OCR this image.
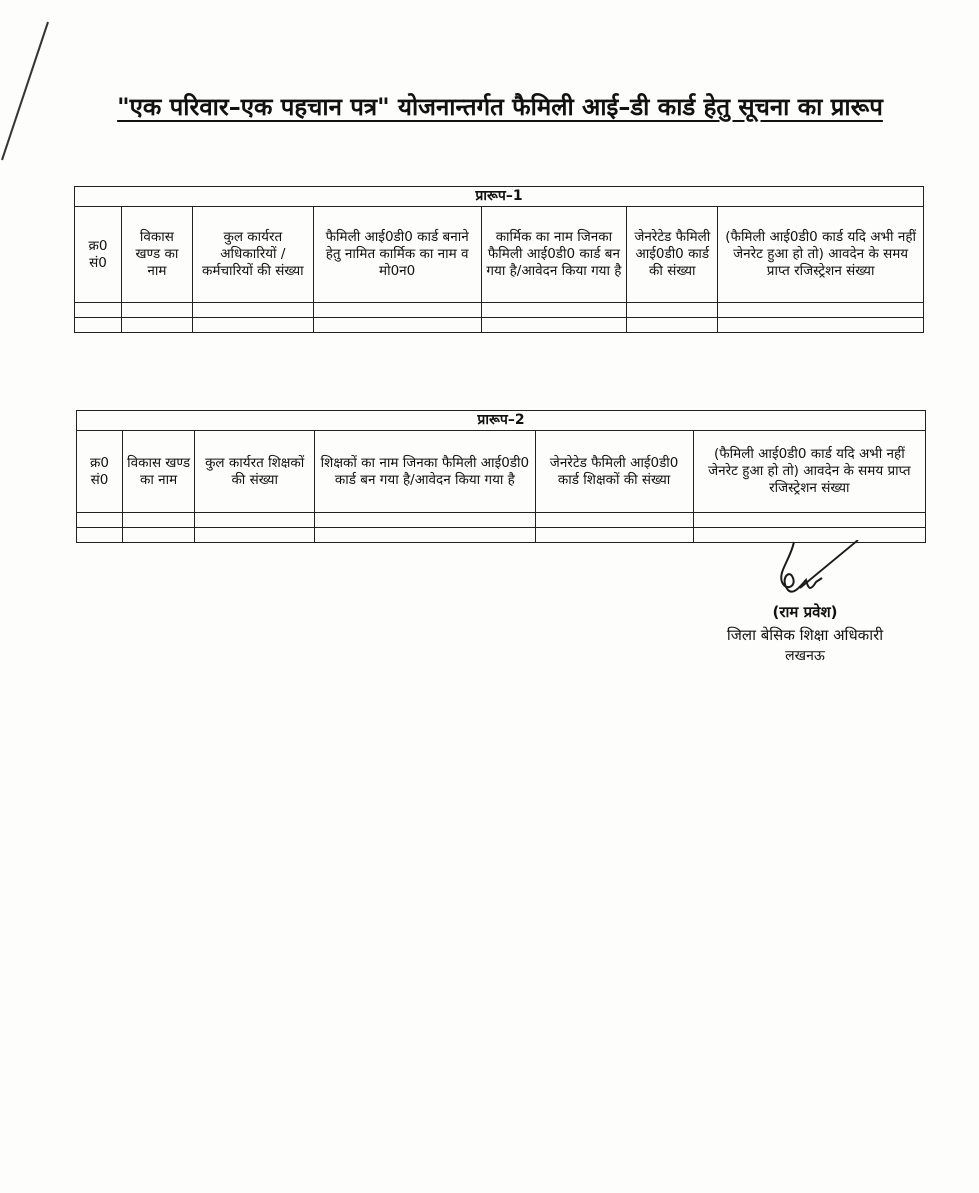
"एक परिवार–एक पहचान पत्र" योजनान्तर्गत फैमिली आई–डी कार्ड हेतु सूचना का प्रारूप
प्रारूप–1						
क्र0 सं0	विकास खण्ड का नाम	कुल कार्यरत अधिकारियों / कर्मचारियों की संख्या	फैमिली आई0डी0 कार्ड बनाने हेतु नामित कार्मिक का नाम व मो0न0	कार्मिक का नाम जिनका फैमिली आई0डी0 कार्ड बन गया है/आवेदन किया गया है	जेनरेटेड फैमिली आई0डी0 कार्ड की संख्या	(फैमिली आई0डी0 कार्ड यदि अभी नहीं जेनरेट हुआ हो तो) आवदेन के समय प्राप्त रजिस्ट्रेशन संख्या

प्रारूप–2					
क्र0 सं0	विकास खण्ड का नाम	कुल कार्यरत शिक्षकों की संख्या	शिक्षकों का नाम जिनका फैमिली आई0डी0 कार्ड बन गया है/आवेदन किया गया है	जेनरेटेड फैमिली आई0डी0 कार्ड शिक्षकों की संख्या	(फैमिली आई0डी0 कार्ड यदि अभी नहीं जेनरेट हुआ हो तो) आवदेन के समय प्राप्त रजिस्ट्रेशन संख्या

(राम प्रवेश)
जिला बेसिक शिक्षा अधिकारी
लखनऊ
